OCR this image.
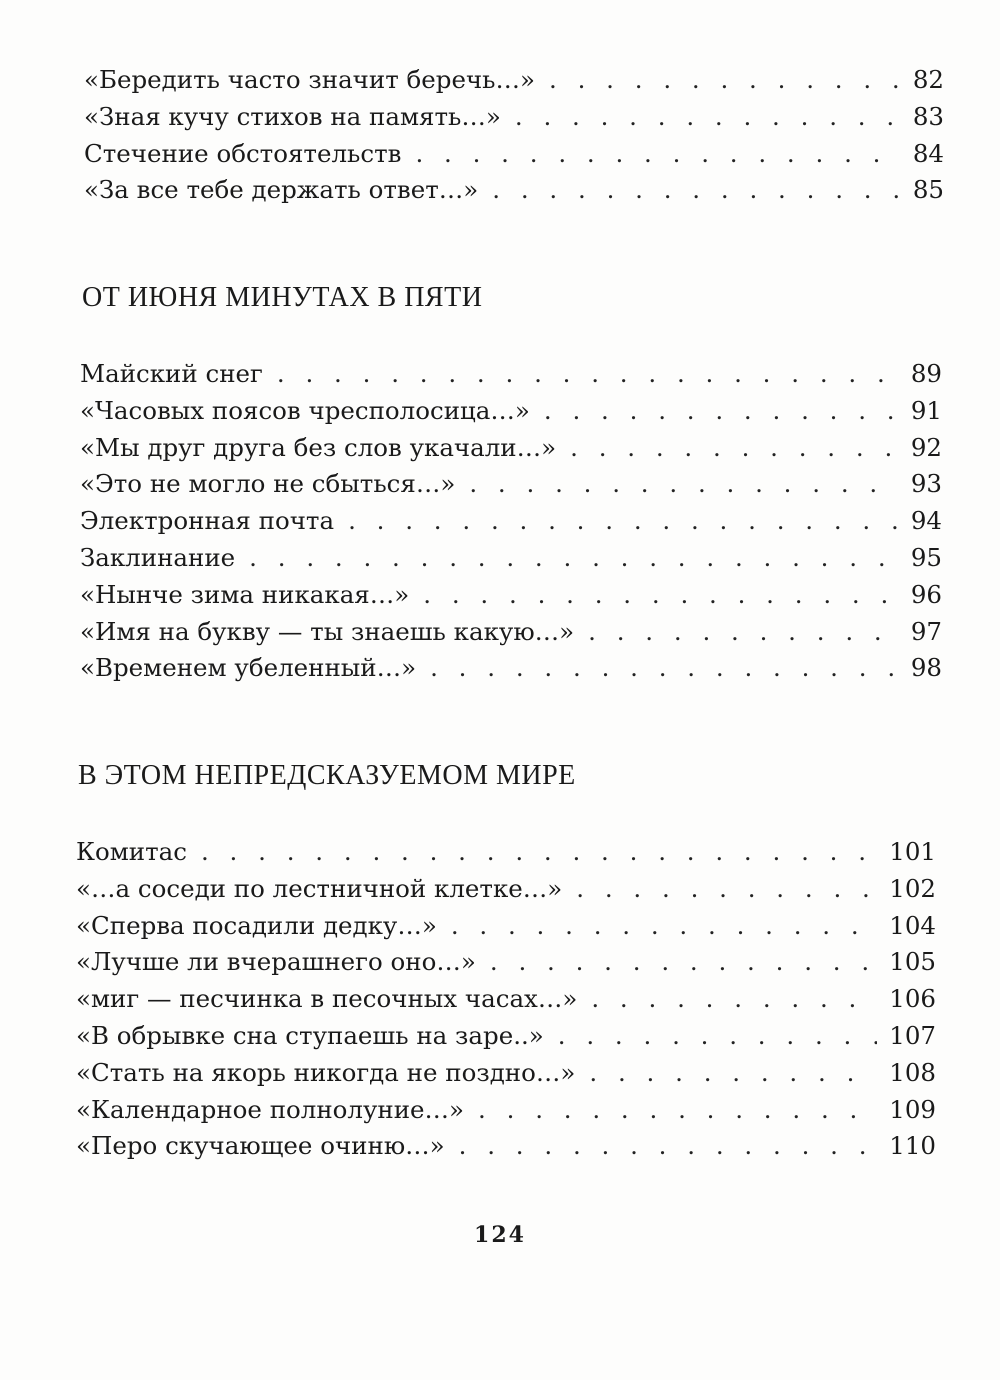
«Бередить часто значит беречь…» . . .	82
«Зная кучу стихов на память…» . . .	83
Стечение обстоятельств . . .	84
«За все тебе держать ответ…» . . .	85
ОТ ИЮНЯ МИНУТАХ В ПЯТИ
Майский снег . . .	89
«Часовых поясов чресполосица…» . . .	91
«Мы друг друга без слов укачали…» . . .	92
«Это не могло не сбыться…» . . .	93
Электронная почта . . .	94
Заклинание . . .	95
«Нынче зима никакая…» . . .	96
«Имя на букву — ты знаешь какую…» . . .	97
«Временем убеленный…» . . .	98
В ЭТОМ НЕПРЕДСКАЗУЕМОМ МИРЕ
Комитас . . .	101
«…а соседи по лестничной клетке…» . . .	102
«Сперва посадили дедку…» . . .	104
«Лучше ли вчерашнего оно…» . . .	105
«миг — песчинка в песочных часах…» . . .	106
«В обрывке сна ступаешь на заре..» . . .	107
«Стать на якорь никогда не поздно…» . . .	108
«Календарное полнолуние…» . . .	109
«Перо скучающее очиню…» . . .	110
124
